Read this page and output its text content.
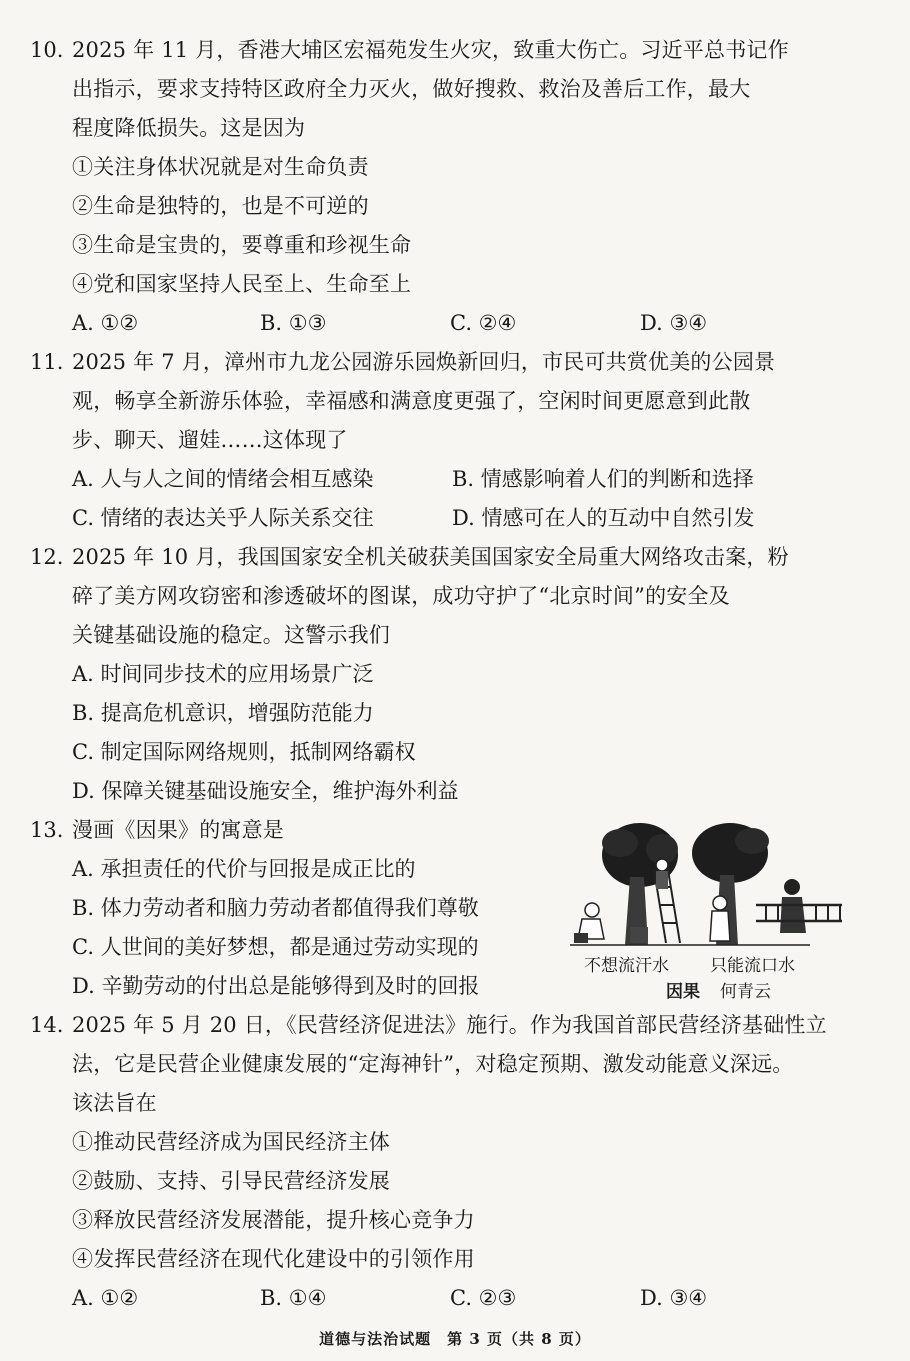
10. 2025 年 11 月，香港大埔区宏福苑发生火灾，致重大伤亡。习近平总书记作
出指示，要求支持特区政府全力灭火，做好搜救、救治及善后工作，最大
程度降低损失。这是因为
①关注身体状况就是对生命负责
②生命是独特的，也是不可逆的
③生命是宝贵的，要尊重和珍视生命
④党和国家坚持人民至上、生命至上
A. ①②	B. ①③	C. ②④	D. ③④
11. 2025 年 7 月，漳州市九龙公园游乐园焕新回归，市民可共赏优美的公园景
观，畅享全新游乐体验，幸福感和满意度更强了，空闲时间更愿意到此散
步、聊天、遛娃……这体现了
A. 人与人之间的情绪会相互感染	B. 情感影响着人们的判断和选择
C. 情绪的表达关乎人际关系交往	D. 情感可在人的互动中自然引发
12. 2025 年 10 月，我国国家安全机关破获美国国家安全局重大网络攻击案，粉
碎了美方网攻窃密和渗透破坏的图谋，成功守护了“北京时间”的安全及
关键基础设施的稳定。这警示我们
A. 时间同步技术的应用场景广泛
B. 提高危机意识，增强防范能力
C. 制定国际网络规则，抵制网络霸权
D. 保障关键基础设施安全，维护海外利益
13. 漫画《因果》的寓意是
A. 承担责任的代价与回报是成正比的
B. 体力劳动者和脑力劳动者都值得我们尊敬
C. 人世间的美好梦想，都是通过劳动实现的
D. 辛勤劳动的付出总是能够得到及时的回报
不想流汗水 只能流口水
因果 何青云
14. 2025 年 5 月 20 日，《民营经济促进法》施行。作为我国首部民营经济基础性立
法，它是民营企业健康发展的“定海神针”，对稳定预期、激发动能意义深远。
该法旨在
①推动民营经济成为国民经济主体
②鼓励、支持、引导民营经济发展
③释放民营经济发展潜能，提升核心竞争力
④发挥民营经济在现代化建设中的引领作用
A. ①②	B. ①④	C. ②③	D. ③④
道德与法治试题　第 3 页（共 8 页）
